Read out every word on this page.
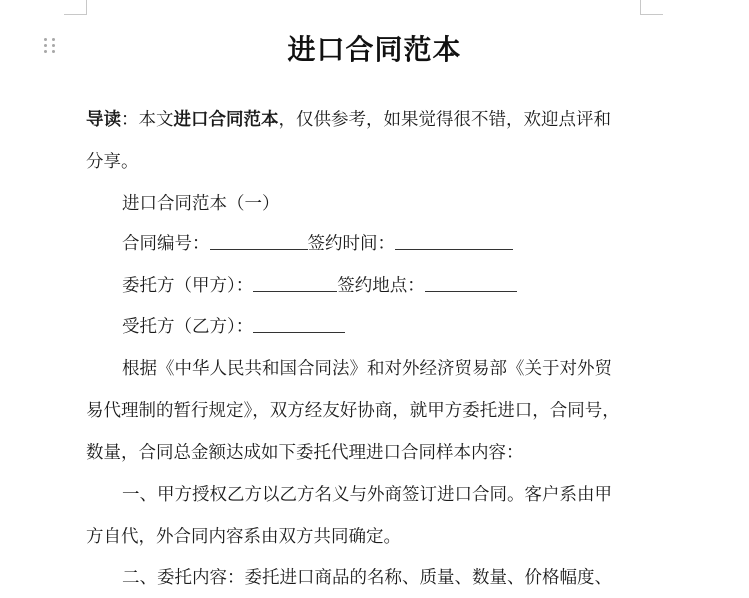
进口合同范本
导读：本文进口合同范本，仅供参考，如果觉得很不错，欢迎点评和
分享。
进口合同范本（一）
合同编号：	签约时间：
委托方（甲方）：	签约地点：
受托方（乙方）：
根据《中华人民共和国合同法》和对外经济贸易部《关于对外贸
易代理制的暂行规定》，双方经友好协商，就甲方委托进口，合同号，
数量，合同总金额达成如下委托代理进口合同样本内容：
一、甲方授权乙方以乙方名义与外商签订进口合同。客户系由甲
方自代，外合同内容系由双方共同确定。
二、委托内容：委托进口商品的名称、质量、数量、价格幅度、
